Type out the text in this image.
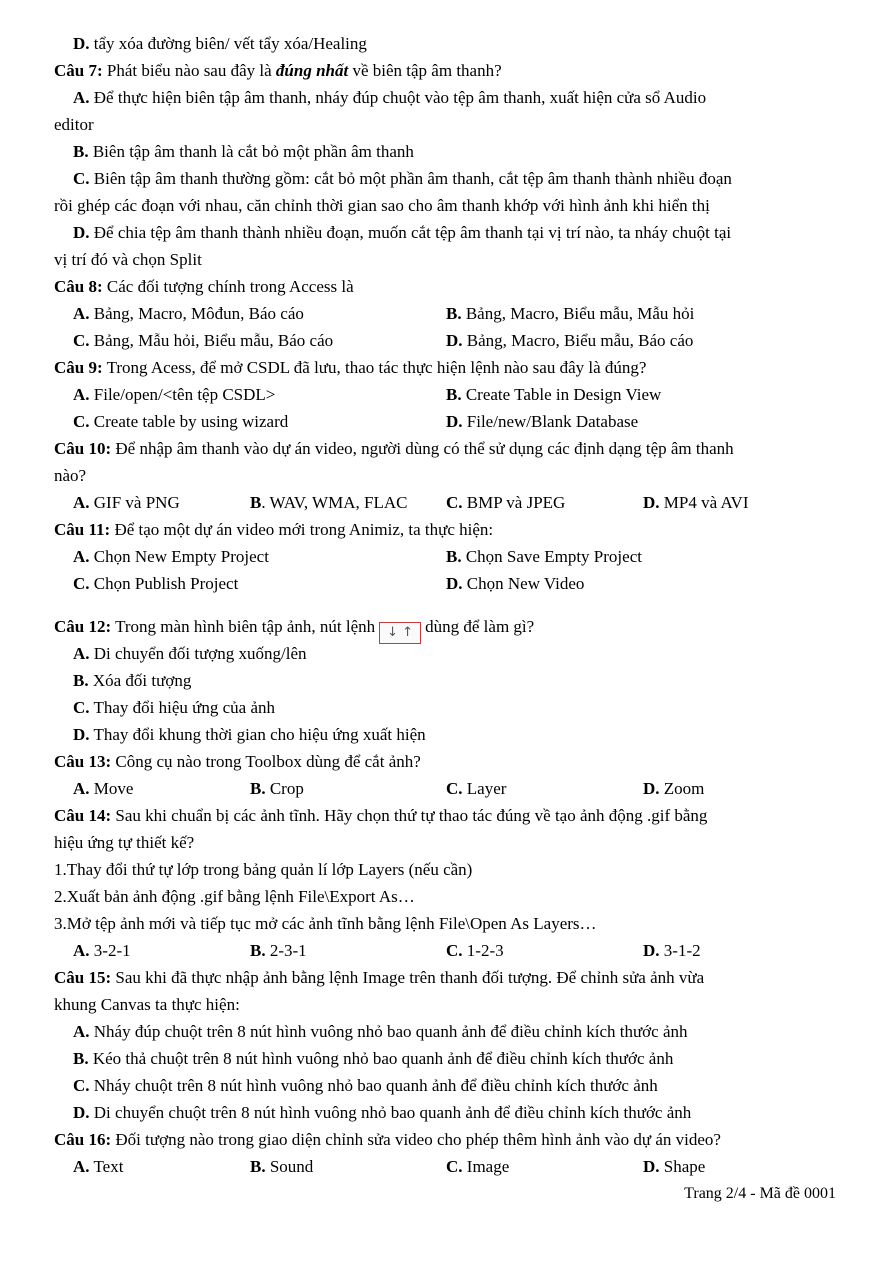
D. tẩy xóa đường biên/ vết tẩy xóa/Healing
Câu 7: Phát biểu nào sau đây là đúng nhất về biên tập âm thanh?
A. Để thực hiện biên tập âm thanh, nháy đúp chuột vào tệp âm thanh, xuất hiện cửa sổ Audio
editor
B. Biên tập âm thanh là cắt bỏ một phần âm thanh
C. Biên tập âm thanh thường gồm: cắt bỏ một phần âm thanh, cắt tệp âm thanh thành nhiều đoạn
rồi ghép các đoạn với nhau, căn chỉnh thời gian sao cho âm thanh khớp với hình ảnh khi hiển thị
D. Để chia tệp âm thanh thành nhiều đoạn, muốn cắt tệp âm thanh tại vị trí nào, ta nháy chuột tại
vị trí đó và chọn Split
Câu 8: Các đối tượng chính trong Access là
A. Bảng, Macro, Môđun, Báo cáo	B. Bảng, Macro, Biểu mẫu, Mẫu hỏi
C. Bảng, Mẫu hỏi, Biểu mẫu, Báo cáo	D. Bảng, Macro, Biểu mẫu, Báo cáo
Câu 9: Trong Acess, để mở CSDL đã lưu, thao tác thực hiện lệnh nào sau đây là đúng?
A. File/open/<tên tệp CSDL>	B. Create Table in Design View
C. Create table by using wizard	D. File/new/Blank Database
Câu 10: Để nhập âm thanh vào dự án video, người dùng có thể sử dụng các định dạng tệp âm thanh
nào?
A. GIF và PNG	B. WAV, WMA, FLAC C. BMP và JPEG	D. MP4 và AVI
Câu 11: Để tạo một dự án video mới trong Animiz, ta thực hiện:
A. Chọn New Empty Project	B. Chọn Save Empty Project
C. Chọn Publish Project	D. Chọn New Video
Câu 12: Trong màn hình biên tập ảnh, nút lệnh ↓ ↑ dùng để làm gì?
A. Di chuyển đối tượng xuống/lên
B. Xóa đối tượng
C. Thay đổi hiệu ứng của ảnh
D. Thay đổi khung thời gian cho hiệu ứng xuất hiện
Câu 13: Công cụ nào trong Toolbox dùng để cắt ảnh?
A. Move	B. Crop	C. Layer	D. Zoom
Câu 14: Sau khi chuẩn bị các ảnh tĩnh. Hãy chọn thứ tự thao tác đúng về tạo ảnh động .gif bằng
hiệu ứng tự thiết kế?
1.Thay đổi thứ tự lớp trong bảng quản lí lớp Layers (nếu cần)
2.Xuất bản ảnh động .gif bằng lệnh File\Export As…
3.Mở tệp ảnh mới và tiếp tục mở các ảnh tĩnh bằng lệnh File\Open As Layers…
A. 3-2-1	B. 2-3-1	C. 1-2-3	D. 3-1-2
Câu 15: Sau khi đã thực nhập ảnh bằng lệnh Image trên thanh đối tượng. Để chỉnh sửa ảnh vừa
khung Canvas ta thực hiện:
A. Nháy đúp chuột trên 8 nút hình vuông nhỏ bao quanh ảnh để điều chỉnh kích thước ảnh
B. Kéo thả chuột trên 8 nút hình vuông nhỏ bao quanh ảnh để điều chỉnh kích thước ảnh
C. Nháy chuột trên 8 nút hình vuông nhỏ bao quanh ảnh để điều chỉnh kích thước ảnh
D. Di chuyển chuột trên 8 nút hình vuông nhỏ bao quanh ảnh để điều chỉnh kích thước ảnh
Câu 16: Đối tượng nào trong giao diện chỉnh sửa video cho phép thêm hình ảnh vào dự án video?
A. Text	B. Sound	C. Image	D. Shape
Trang 2/4 - Mã đề 0001
